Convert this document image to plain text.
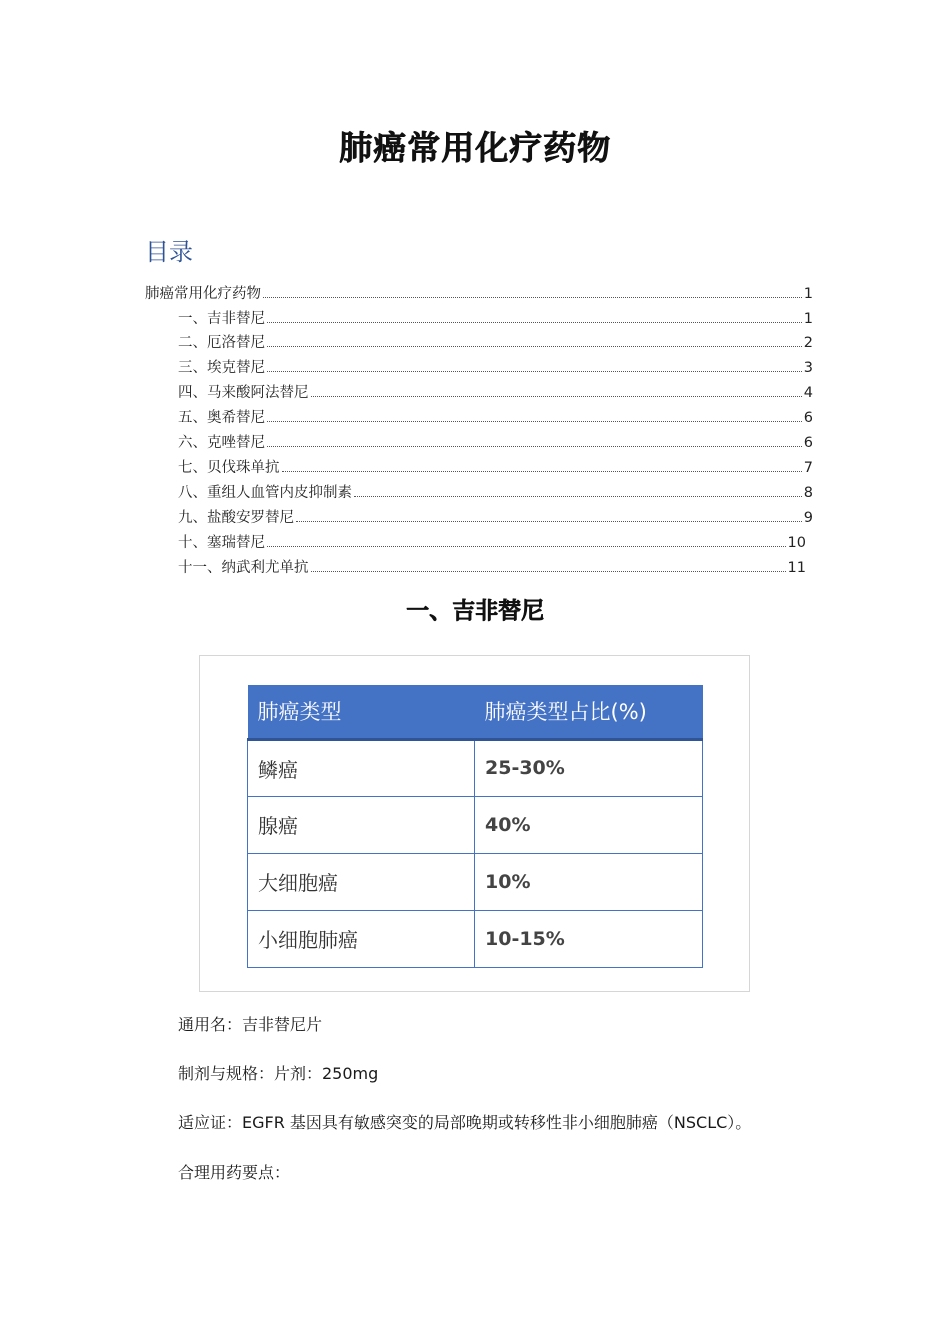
肺癌常用化疗药物
目录
肺癌常用化疗药物	1
一、吉非替尼	1
二、厄洛替尼	2
三、埃克替尼	3
四、马来酸阿法替尼	4
五、奥希替尼	6
六、克唑替尼	6
七、贝伐珠单抗	7
八、重组人血管内皮抑制素	8
九、盐酸安罗替尼	9
十、塞瑞替尼	10
十一、纳武利尤单抗	11
一、吉非替尼
肺癌类型	肺癌类型占比(%)
鳞癌	25-30%
腺癌	40%
大细胞癌	10%
小细胞肺癌	10-15%

通用名：吉非替尼片

制剂与规格：片剂：250mg

适应证：EGFR 基因具有敏感突变的局部晚期或转移性非小细胞肺癌（NSCLC）。

合理用药要点：
